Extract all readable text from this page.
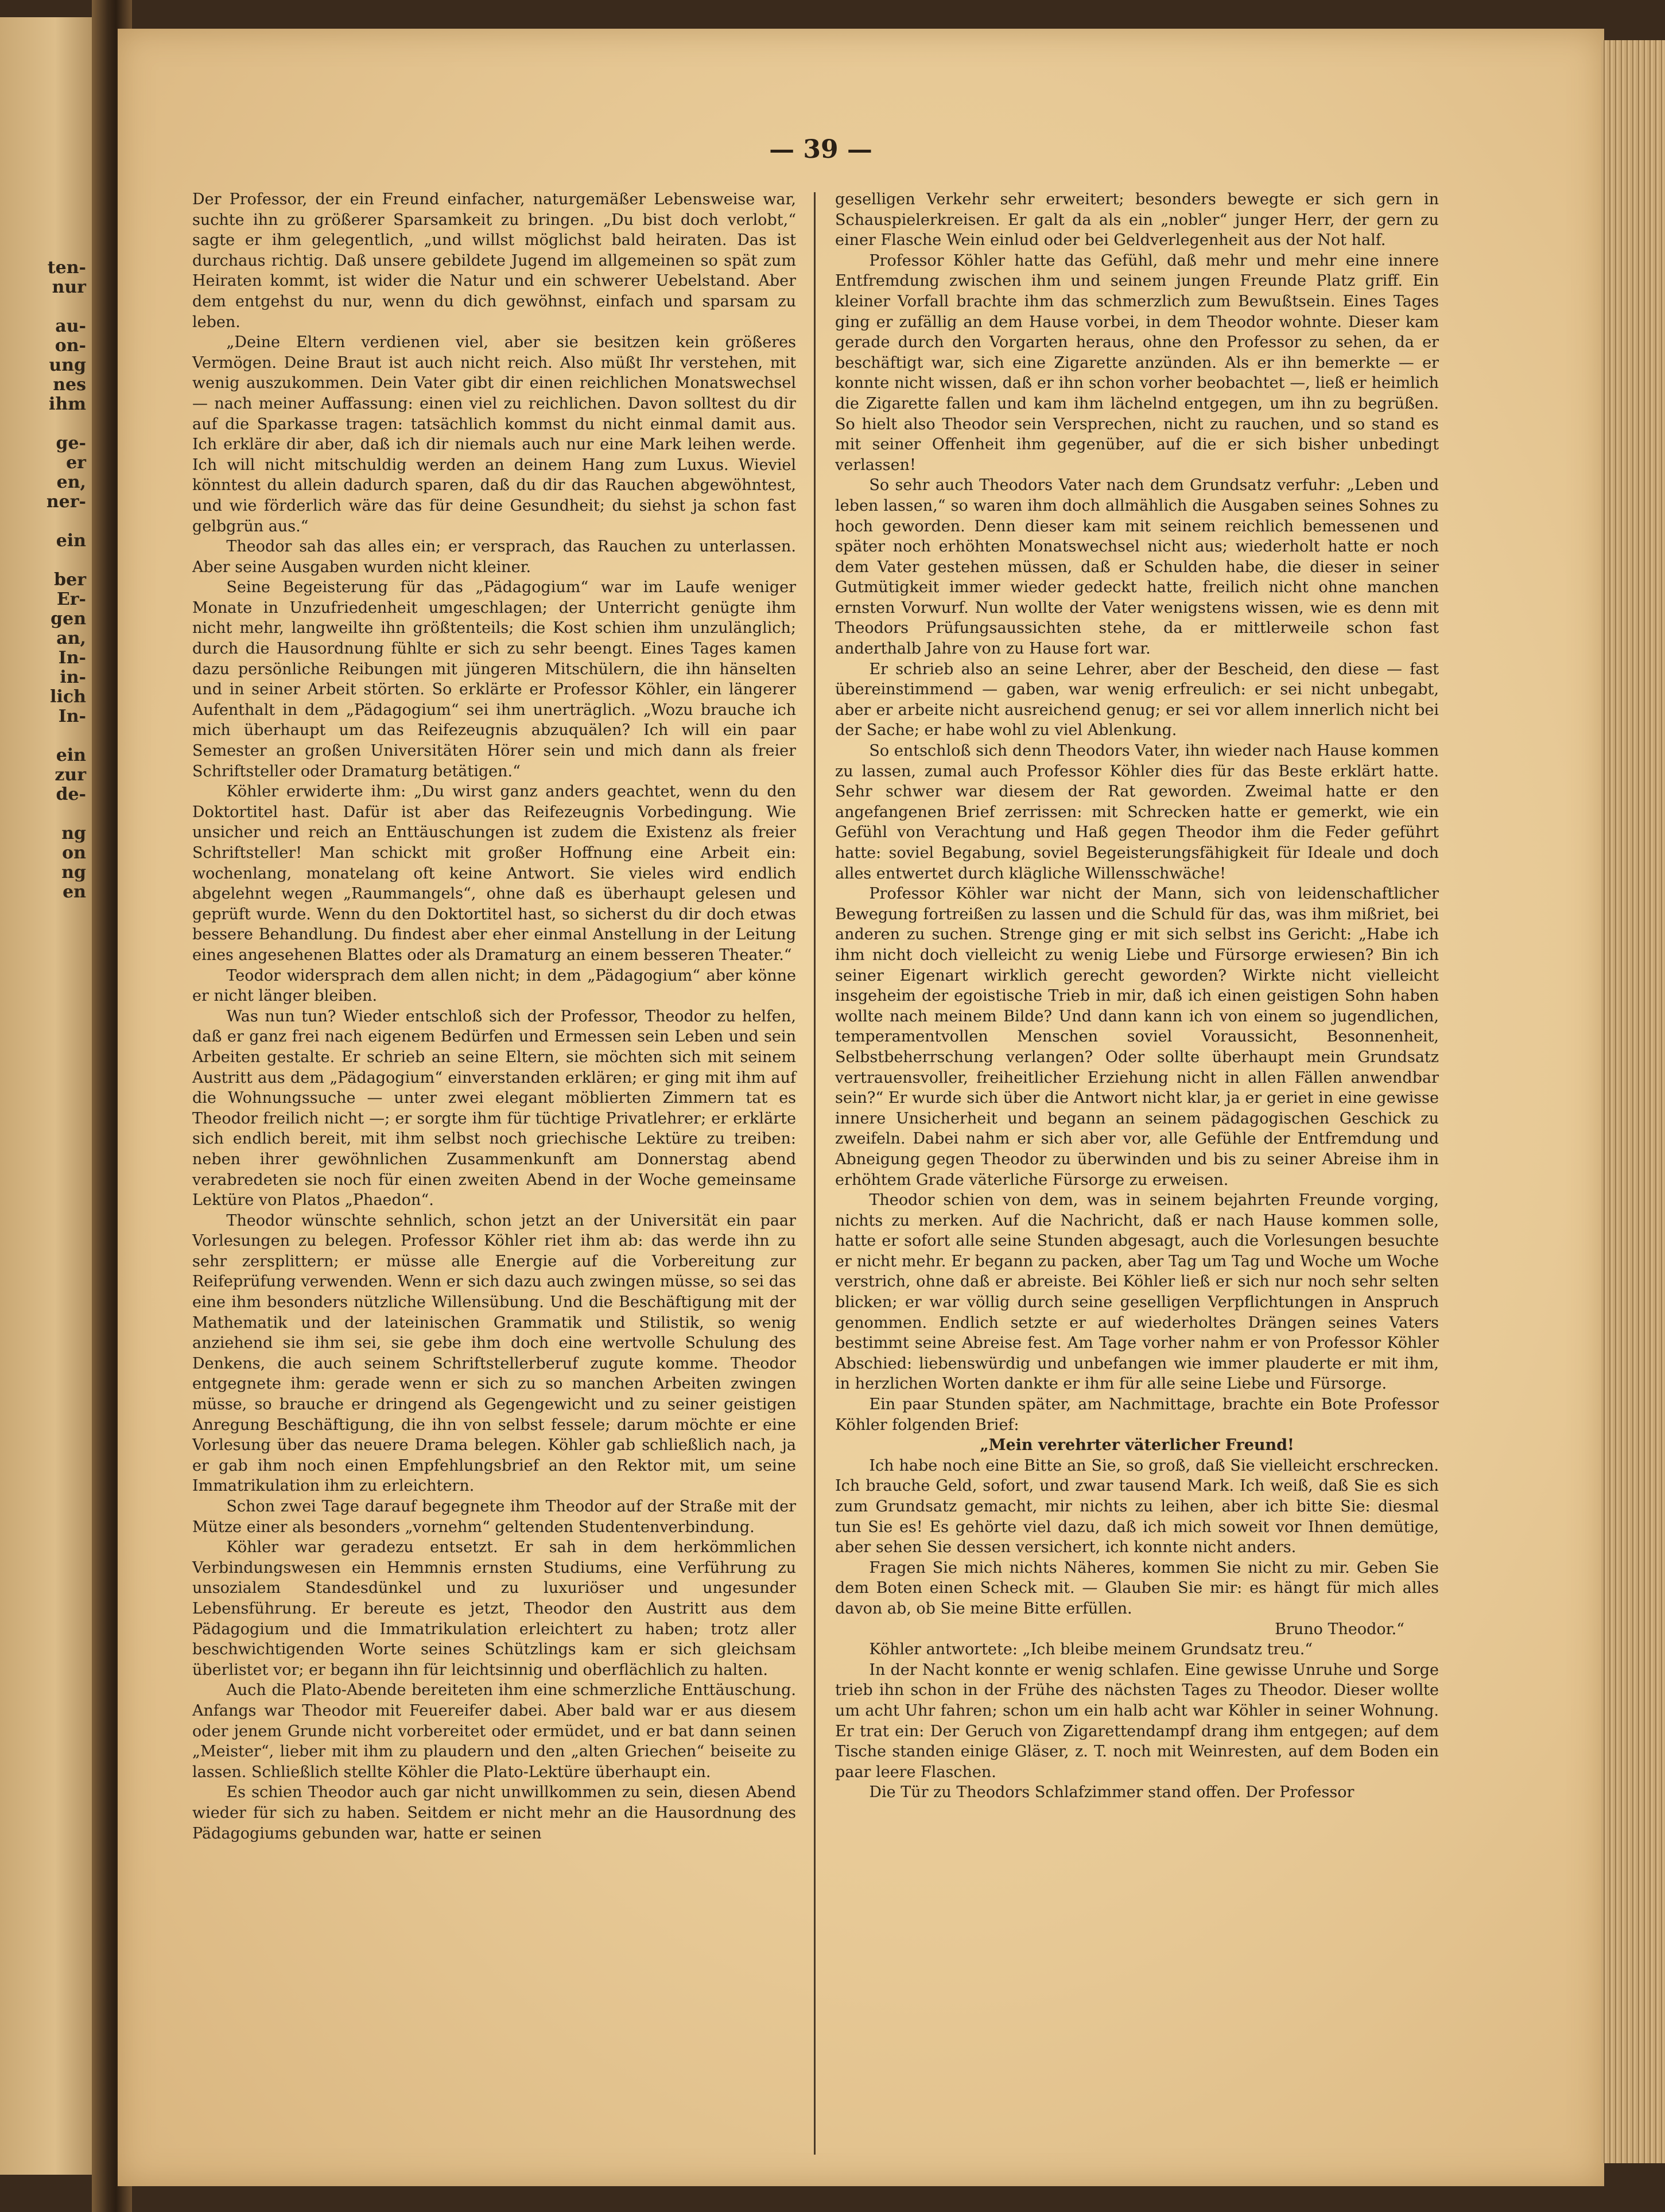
ten-
nur

au-
on-
ung
nes
ihm

ge-
er
en,
ner-

ein

ber
Er-
gen
an,
In-
in-
lich
In-

ein
zur
de-

ng
on
ng
en
— 39 —

Der Professor, der ein Freund einfacher, naturgemäßer Lebensweise war, suchte ihn zu größerer Sparsamkeit zu bringen. „Du bist doch verlobt,“ sagte er ihm gelegentlich, „und willst möglichst bald heiraten. Das ist durchaus richtig. Daß unsere gebildete Jugend im allgemeinen so spät zum Heiraten kommt, ist wider die Natur und ein schwerer Uebelstand. Aber dem entgehst du nur, wenn du dich gewöhnst, einfach und sparsam zu leben.

„Deine Eltern verdienen viel, aber sie besitzen kein größeres Vermögen. Deine Braut ist auch nicht reich. Also müßt Ihr verstehen, mit wenig auszukommen. Dein Vater gibt dir einen reichlichen Monatswechsel — nach meiner Auffassung: einen viel zu reichlichen. Davon solltest du dir auf die Sparkasse tragen: tatsächlich kommst du nicht einmal damit aus. Ich erkläre dir aber, daß ich dir niemals auch nur eine Mark leihen werde. Ich will nicht mitschuldig werden an deinem Hang zum Luxus. Wieviel könntest du allein dadurch sparen, daß du dir das Rauchen abgewöhntest, und wie förderlich wäre das für deine Gesundheit; du siehst ja schon fast gelbgrün aus.“

Theodor sah das alles ein; er versprach, das Rauchen zu unterlassen. Aber seine Ausgaben wurden nicht kleiner.

Seine Begeisterung für das „Pädagogium“ war im Laufe weniger Monate in Unzufriedenheit umgeschlagen; der Unterricht genügte ihm nicht mehr, langweilte ihn größtenteils; die Kost schien ihm unzulänglich; durch die Hausordnung fühlte er sich zu sehr beengt. Eines Tages kamen dazu persönliche Reibungen mit jüngeren Mitschülern, die ihn hänselten und in seiner Arbeit störten. So erklärte er Professor Köhler, ein längerer Aufenthalt in dem „Pädagogium“ sei ihm unerträglich. „Wozu brauche ich mich überhaupt um das Reifezeugnis abzuquälen? Ich will ein paar Semester an großen Universitäten Hörer sein und mich dann als freier Schriftsteller oder Dramaturg betätigen.“

Köhler erwiderte ihm: „Du wirst ganz anders geachtet, wenn du den Doktortitel hast. Dafür ist aber das Reifezeugnis Vorbedingung. Wie unsicher und reich an Enttäuschungen ist zudem die Existenz als freier Schriftsteller! Man schickt mit großer Hoffnung eine Arbeit ein: wochenlang, monatelang oft keine Antwort. Sie vieles wird endlich abgelehnt wegen „Raummangels“, ohne daß es überhaupt gelesen und geprüft wurde. Wenn du den Doktortitel hast, so sicherst du dir doch etwas bessere Behandlung. Du findest aber eher einmal Anstellung in der Leitung eines angesehenen Blattes oder als Dramaturg an einem besseren Theater.“

Teodor widersprach dem allen nicht; in dem „Pädagogium“ aber könne er nicht länger bleiben.

Was nun tun? Wieder entschloß sich der Professor, Theodor zu helfen, daß er ganz frei nach eigenem Bedürfen und Ermessen sein Leben und sein Arbeiten gestalte. Er schrieb an seine Eltern, sie möchten sich mit seinem Austritt aus dem „Pädagogium“ einverstanden erklären; er ging mit ihm auf die Wohnungssuche — unter zwei elegant möblierten Zimmern tat es Theodor freilich nicht —; er sorgte ihm für tüchtige Privatlehrer; er erklärte sich endlich bereit, mit ihm selbst noch griechische Lektüre zu treiben: neben ihrer gewöhnlichen Zusammenkunft am Donnerstag abend verabredeten sie noch für einen zweiten Abend in der Woche gemeinsame Lektüre von Platos „Phaedon“.

Theodor wünschte sehnlich, schon jetzt an der Universität ein paar Vorlesungen zu belegen. Professor Köhler riet ihm ab: das werde ihn zu sehr zersplittern; er müsse alle Energie auf die Vorbereitung zur Reifeprüfung verwenden. Wenn er sich dazu auch zwingen müsse, so sei das eine ihm besonders nützliche Willensübung. Und die Beschäftigung mit der Mathematik und der lateinischen Grammatik und Stilistik, so wenig anziehend sie ihm sei, sie gebe ihm doch eine wertvolle Schulung des Denkens, die auch seinem Schriftstellerberuf zugute komme. Theodor entgegnete ihm: gerade wenn er sich zu so manchen Arbeiten zwingen müsse, so brauche er dringend als Gegengewicht und zu seiner geistigen Anregung Beschäftigung, die ihn von selbst fessele; darum möchte er eine Vorlesung über das neuere Drama belegen. Köhler gab schließlich nach, ja er gab ihm noch einen Empfehlungsbrief an den Rektor mit, um seine Immatrikulation ihm zu erleichtern.

Schon zwei Tage darauf begegnete ihm Theodor auf der Straße mit der Mütze einer als besonders „vornehm“ geltenden Studentenverbindung.

Köhler war geradezu entsetzt. Er sah in dem herkömmlichen Verbindungswesen ein Hemmnis ernsten Studiums, eine Verführung zu unsozialem Standesdünkel und zu luxuriöser und ungesunder Lebensführung. Er bereute es jetzt, Theodor den Austritt aus dem Pädagogium und die Immatrikulation erleichtert zu haben; trotz aller beschwichtigenden Worte seines Schützlings kam er sich gleichsam überlistet vor; er begann ihn für leichtsinnig und oberflächlich zu halten.

Auch die Plato-Abende bereiteten ihm eine schmerzliche Enttäuschung. Anfangs war Theodor mit Feuereifer dabei. Aber bald war er aus diesem oder jenem Grunde nicht vorbereitet oder ermüdet, und er bat dann seinen „Meister“, lieber mit ihm zu plaudern und den „alten Griechen“ beiseite zu lassen. Schließlich stellte Köhler die Plato-Lektüre überhaupt ein.

Es schien Theodor auch gar nicht unwillkommen zu sein, diesen Abend wieder für sich zu haben. Seitdem er nicht mehr an die Hausordnung des Pädagogiums gebunden war, hatte er seinen

geselligen Verkehr sehr erweitert; besonders bewegte er sich gern in Schauspielerkreisen. Er galt da als ein „nobler“ junger Herr, der gern zu einer Flasche Wein einlud oder bei Geldverlegenheit aus der Not half.

Professor Köhler hatte das Gefühl, daß mehr und mehr eine innere Entfremdung zwischen ihm und seinem jungen Freunde Platz griff. Ein kleiner Vorfall brachte ihm das schmerzlich zum Bewußtsein. Eines Tages ging er zufällig an dem Hause vorbei, in dem Theodor wohnte. Dieser kam gerade durch den Vorgarten heraus, ohne den Professor zu sehen, da er beschäftigt war, sich eine Zigarette anzünden. Als er ihn bemerkte — er konnte nicht wissen, daß er ihn schon vorher beobachtet —, ließ er heimlich die Zigarette fallen und kam ihm lächelnd entgegen, um ihn zu begrüßen. So hielt also Theodor sein Versprechen, nicht zu rauchen, und so stand es mit seiner Offenheit ihm gegenüber, auf die er sich bisher unbedingt verlassen!

So sehr auch Theodors Vater nach dem Grundsatz verfuhr: „Leben und leben lassen,“ so waren ihm doch allmählich die Ausgaben seines Sohnes zu hoch geworden. Denn dieser kam mit seinem reichlich bemessenen und später noch erhöhten Monatswechsel nicht aus; wiederholt hatte er noch dem Vater gestehen müssen, daß er Schulden habe, die dieser in seiner Gutmütigkeit immer wieder gedeckt hatte, freilich nicht ohne manchen ernsten Vorwurf. Nun wollte der Vater wenigstens wissen, wie es denn mit Theodors Prüfungsaussichten stehe, da er mittlerweile schon fast anderthalb Jahre von zu Hause fort war.

Er schrieb also an seine Lehrer, aber der Bescheid, den diese — fast übereinstimmend — gaben, war wenig erfreulich: er sei nicht unbegabt, aber er arbeite nicht ausreichend genug; er sei vor allem innerlich nicht bei der Sache; er habe wohl zu viel Ablenkung.

So entschloß sich denn Theodors Vater, ihn wieder nach Hause kommen zu lassen, zumal auch Professor Köhler dies für das Beste erklärt hatte. Sehr schwer war diesem der Rat geworden. Zweimal hatte er den angefangenen Brief zerrissen: mit Schrecken hatte er gemerkt, wie ein Gefühl von Verachtung und Haß gegen Theodor ihm die Feder geführt hatte: soviel Begabung, soviel Begeisterungsfähigkeit für Ideale und doch alles entwertet durch klägliche Willensschwäche!

Professor Köhler war nicht der Mann, sich von leidenschaftlicher Bewegung fortreißen zu lassen und die Schuld für das, was ihm mißriet, bei anderen zu suchen. Strenge ging er mit sich selbst ins Gericht: „Habe ich ihm nicht doch vielleicht zu wenig Liebe und Fürsorge erwiesen? Bin ich seiner Eigenart wirklich gerecht geworden? Wirkte nicht vielleicht insgeheim der egoistische Trieb in mir, daß ich einen geistigen Sohn haben wollte nach meinem Bilde? Und dann kann ich von einem so jugendlichen, temperamentvollen Menschen soviel Voraussicht, Besonnenheit, Selbstbeherrschung verlangen? Oder sollte überhaupt mein Grundsatz vertrauensvoller, freiheitlicher Erziehung nicht in allen Fällen anwendbar sein?“ Er wurde sich über die Antwort nicht klar, ja er geriet in eine gewisse innere Unsicherheit und begann an seinem pädagogischen Geschick zu zweifeln. Dabei nahm er sich aber vor, alle Gefühle der Entfremdung und Abneigung gegen Theodor zu überwinden und bis zu seiner Abreise ihm in erhöhtem Grade väterliche Fürsorge zu erweisen.

Theodor schien von dem, was in seinem bejahrten Freunde vorging, nichts zu merken. Auf die Nachricht, daß er nach Hause kommen solle, hatte er sofort alle seine Stunden abgesagt, auch die Vorlesungen besuchte er nicht mehr. Er begann zu packen, aber Tag um Tag und Woche um Woche verstrich, ohne daß er abreiste. Bei Köhler ließ er sich nur noch sehr selten blicken; er war völlig durch seine geselligen Verpflichtungen in Anspruch genommen. Endlich setzte er auf wiederholtes Drängen seines Vaters bestimmt seine Abreise fest. Am Tage vorher nahm er von Professor Köhler Abschied: liebenswürdig und unbefangen wie immer plauderte er mit ihm, in herzlichen Worten dankte er ihm für alle seine Liebe und Fürsorge.

Ein paar Stunden später, am Nachmittage, brachte ein Bote Professor Köhler folgenden Brief:

„Mein verehrter väterlicher Freund!

Ich habe noch eine Bitte an Sie, so groß, daß Sie vielleicht erschrecken. Ich brauche Geld, sofort, und zwar tausend Mark. Ich weiß, daß Sie es sich zum Grundsatz gemacht, mir nichts zu leihen, aber ich bitte Sie: diesmal tun Sie es! Es gehörte viel dazu, daß ich mich soweit vor Ihnen demütige, aber sehen Sie dessen versichert, ich konnte nicht anders.

Fragen Sie mich nichts Näheres, kommen Sie nicht zu mir. Geben Sie dem Boten einen Scheck mit. — Glauben Sie mir: es hängt für mich alles davon ab, ob Sie meine Bitte erfüllen.

Bruno Theodor.“

Köhler antwortete: „Ich bleibe meinem Grundsatz treu.“

In der Nacht konnte er wenig schlafen. Eine gewisse Unruhe und Sorge trieb ihn schon in der Frühe des nächsten Tages zu Theodor. Dieser wollte um acht Uhr fahren; schon um ein halb acht war Köhler in seiner Wohnung. Er trat ein: Der Geruch von Zigarettendampf drang ihm entgegen; auf dem Tische standen einige Gläser, z. T. noch mit Weinresten, auf dem Boden ein paar leere Flaschen.

Die Tür zu Theodors Schlafzimmer stand offen. Der Professor
